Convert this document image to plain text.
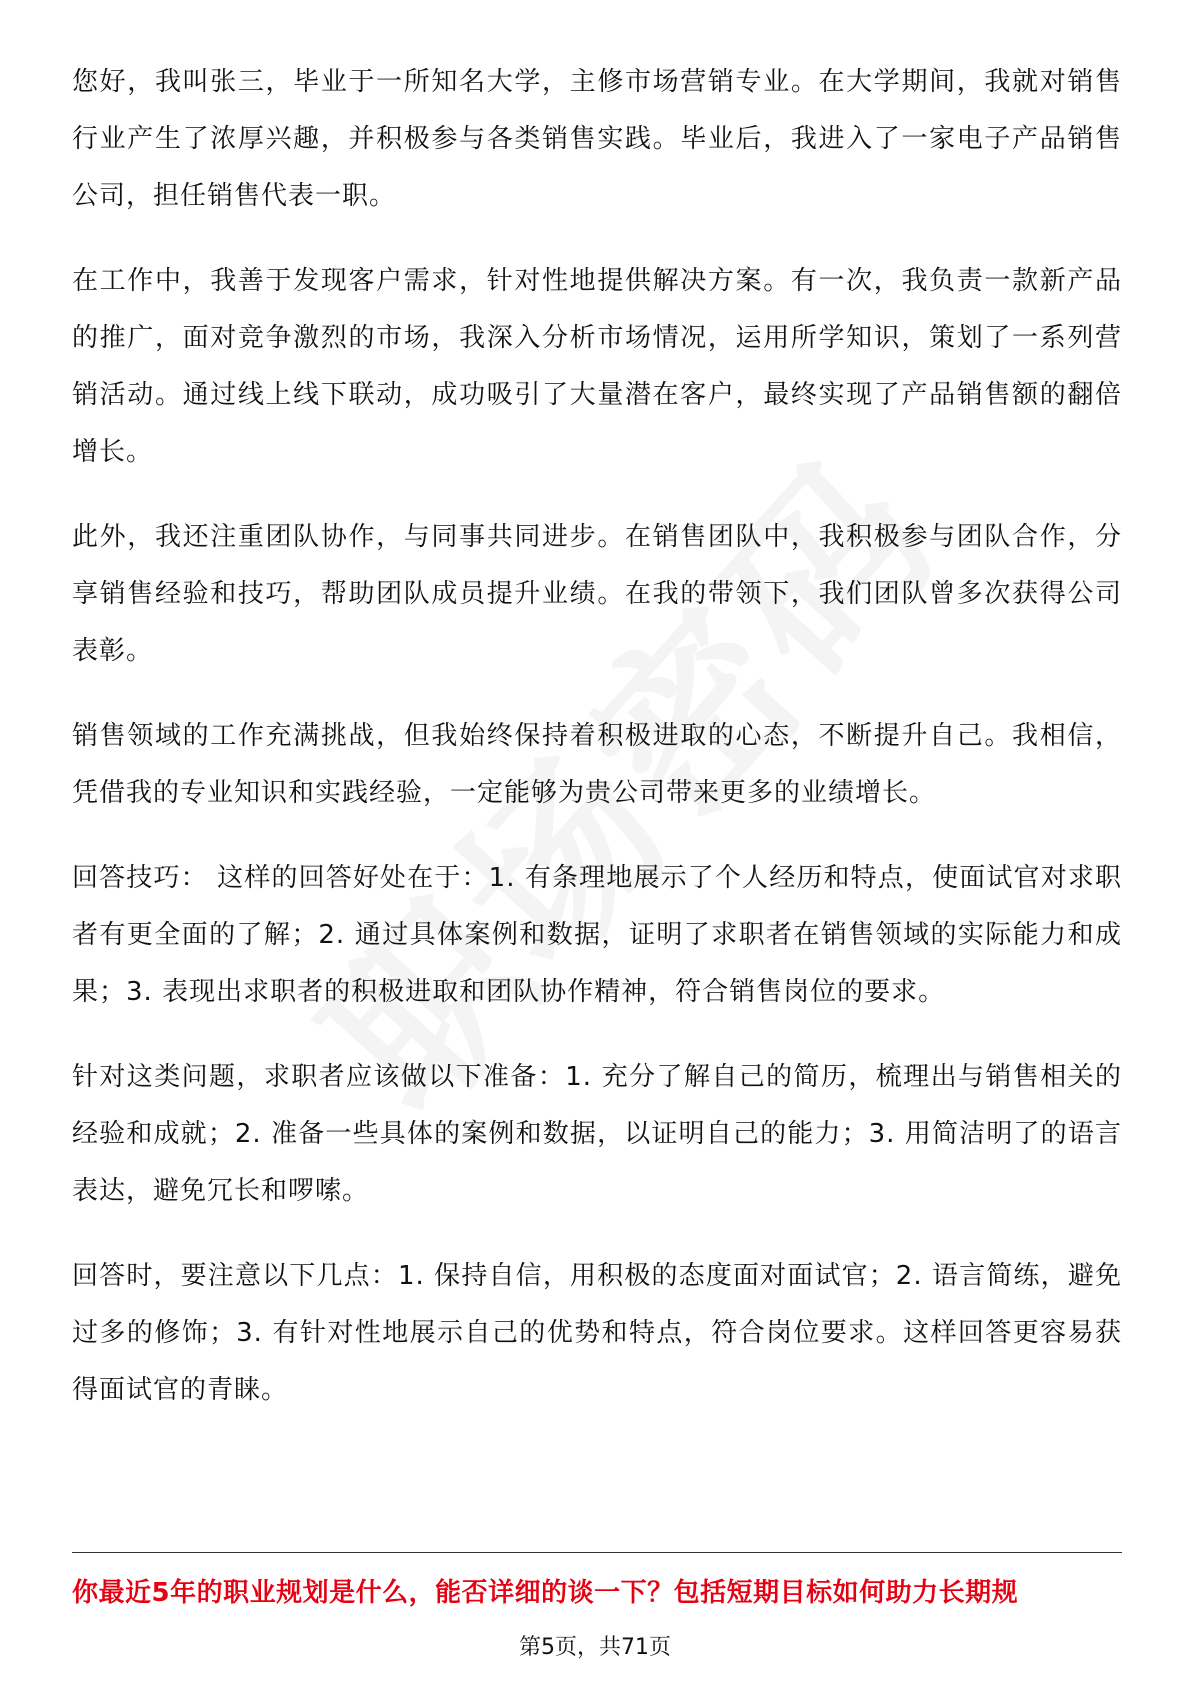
您好，我叫张三，毕业于一所知名大学，主修市场营销专业。在大学期间，我就对销售行业产生了浓厚兴趣，并积极参与各类销售实践。毕业后，我进入了一家电子产品销售公司，担任销售代表一职。

在工作中，我善于发现客户需求，针对性地提供解决方案。有一次，我负责一款新产品的推广，面对竞争激烈的市场，我深入分析市场情况，运用所学知识，策划了一系列营销活动。通过线上线下联动，成功吸引了大量潜在客户，最终实现了产品销售额的翻倍增长。

此外，我还注重团队协作，与同事共同进步。在销售团队中，我积极参与团队合作，分享销售经验和技巧，帮助团队成员提升业绩。在我的带领下，我们团队曾多次获得公司表彰。

销售领域的工作充满挑战，但我始终保持着积极进取的心态，不断提升自己。我相信，凭借我的专业知识和实践经验，一定能够为贵公司带来更多的业绩增长。

回答技巧： 这样的回答好处在于：1. 有条理地展示了个人经历和特点，使面试官对求职者有更全面的了解；2. 通过具体案例和数据，证明了求职者在销售领域的实际能力和成果；3. 表现出求职者的积极进取和团队协作精神，符合销售岗位的要求。

针对这类问题，求职者应该做以下准备：1. 充分了解自己的简历，梳理出与销售相关的经验和成就；2. 准备一些具体的案例和数据，以证明自己的能力；3. 用简洁明了的语言表达，避免冗长和啰嗦。

回答时，要注意以下几点：1. 保持自信，用积极的态度面对面试官；2. 语言简练，避免过多的修饰；3. 有针对性地展示自己的优势和特点，符合岗位要求。这样回答更容易获得面试官的青睐。

你最近5年的职业规划是什么，能否详细的谈一下？包括短期目标如何助力长期规
第5页，共71页
